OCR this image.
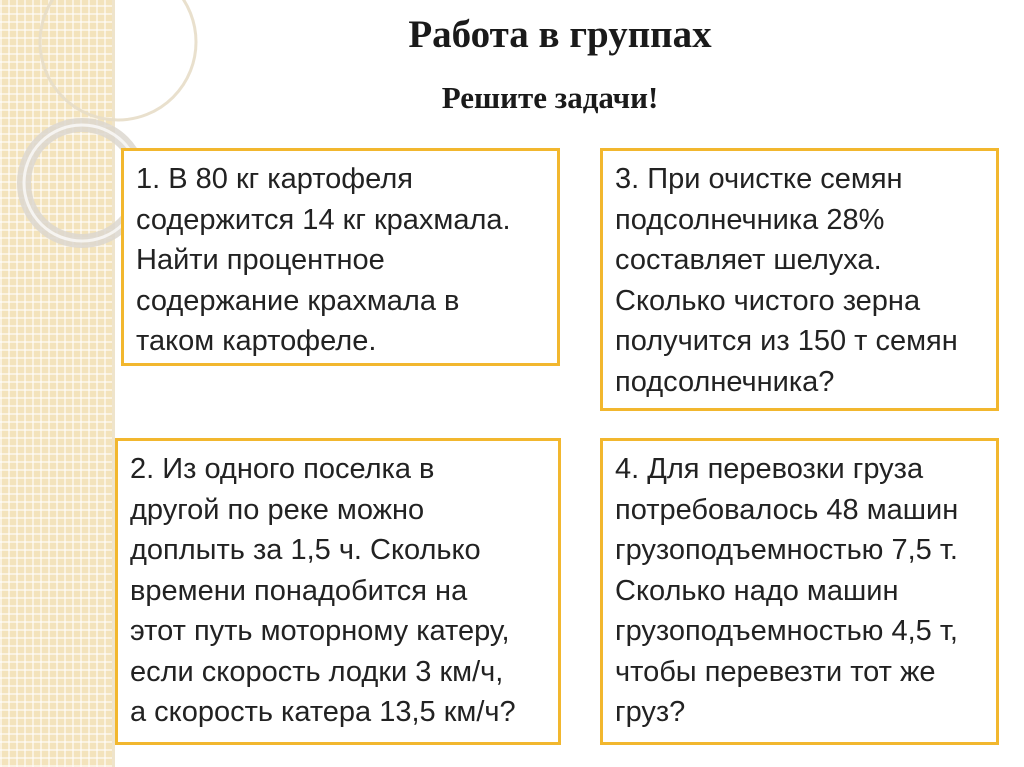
Работа в группах
Решите задачи!
1. В 80 кг картофеля
содержится 14 кг крахмала.
Найти процентное
содержание крахмала в
таком картофеле.
2. Из одного поселка в
другой по реке можно
доплыть за 1,5 ч. Сколько
времени понадобится на
этот путь моторному катеру,
если скорость лодки 3 км/ч,
а скорость катера 13,5 км/ч?
3. При очистке семян
подсолнечника 28%
составляет шелуха.
Сколько чистого зерна
получится из 150 т семян
подсолнечника?
4. Для перевозки груза
потребовалось 48 машин
грузоподъемностью 7,5 т.
Сколько надо машин
грузоподъемностью 4,5 т,
чтобы перевезти тот же
груз?
